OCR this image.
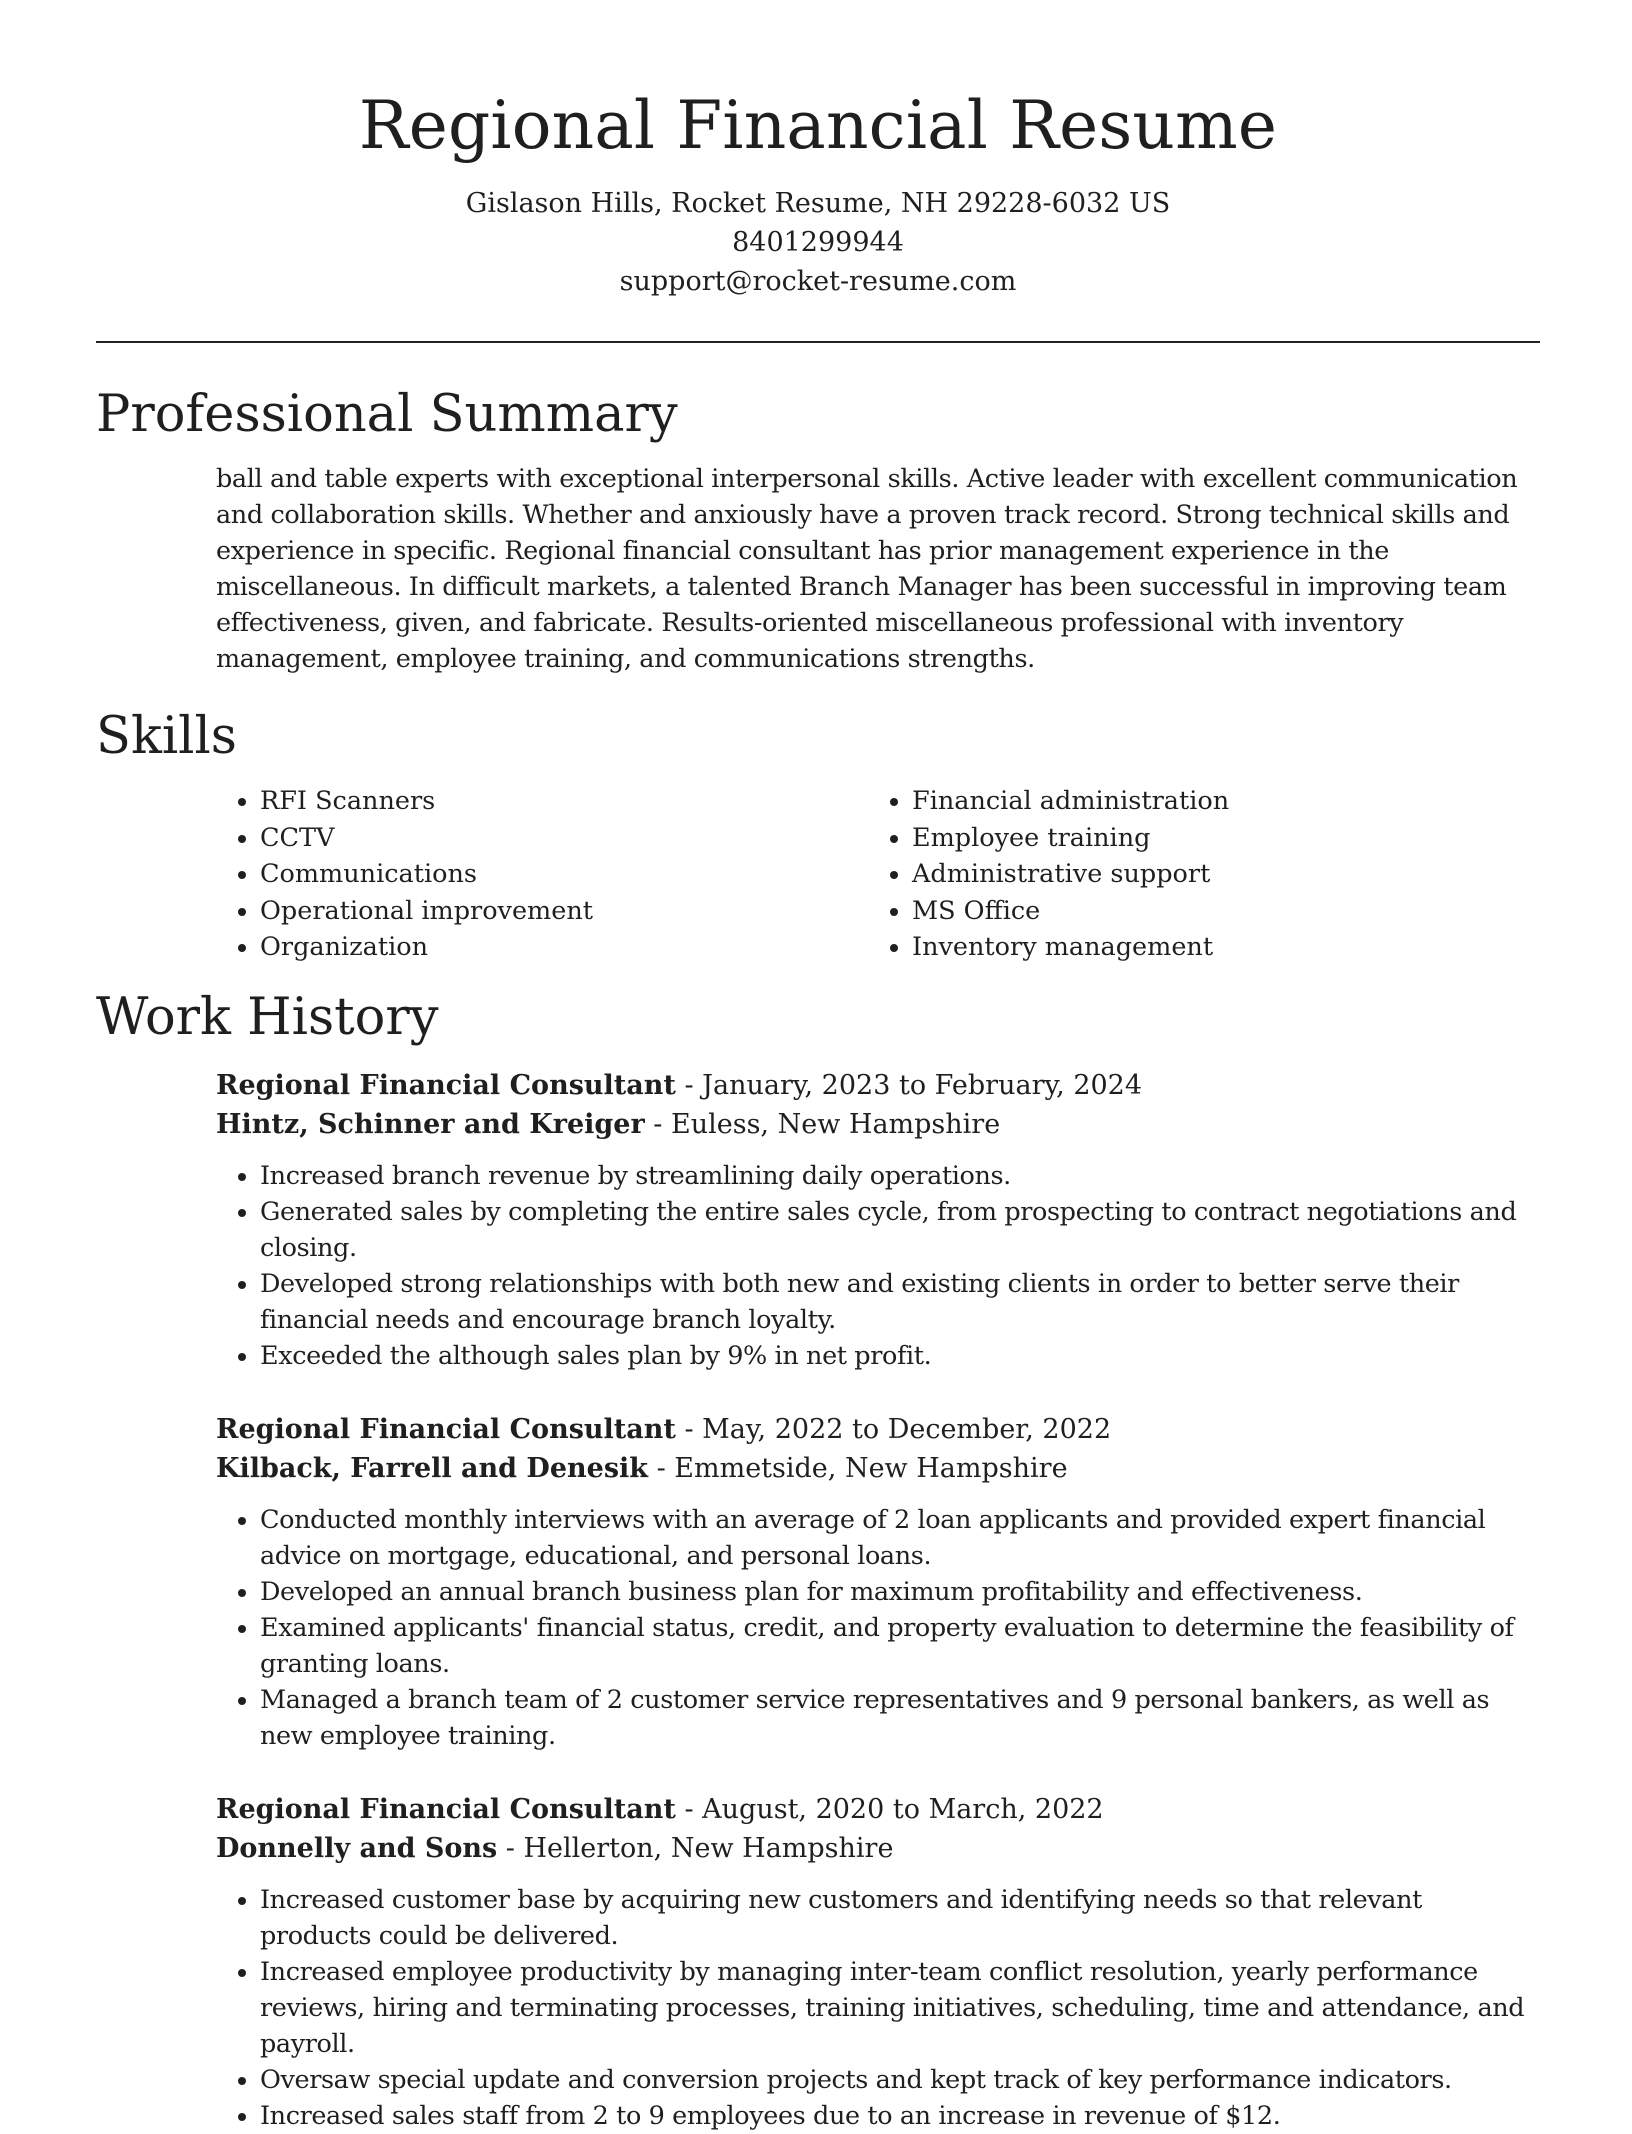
Regional Financial Resume

Gislason Hills, Rocket Resume, NH 29228-6032 US

8401299944

support@rocket-resume.com

Professional Summary

ball and table experts with exceptional interpersonal skills. Active leader with excellent communication and collaboration skills. Whether and anxiously have a proven track record. Strong technical skills and experience in specific. Regional financial consultant has prior management experience in the miscellaneous. In difficult markets, a talented Branch Manager has been successful in improving team effectiveness, given, and fabricate. Results-oriented miscellaneous professional with inventory management, employee training, and communications strengths.

Skills
• RFI Scanners
• CCTV
• Communications
• Operational improvement
• Organization
• Financial administration
• Employee training
• Administrative support
• MS Office
• Inventory management
Work History

Regional Financial Consultant - January, 2023 to February, 2024

Hintz, Schinner and Kreiger - Euless, New Hampshire

• Increased branch revenue by streamlining daily operations.
• Generated sales by completing the entire sales cycle, from prospecting to contract negotiations and closing.
• Developed strong relationships with both new and existing clients in order to better serve their financial needs and encourage branch loyalty.
• Exceeded the although sales plan by 9% in net profit.

Regional Financial Consultant - May, 2022 to December, 2022

Kilback, Farrell and Denesik - Emmetside, New Hampshire

• Conducted monthly interviews with an average of 2 loan applicants and provided expert financial advice on mortgage, educational, and personal loans.
• Developed an annual branch business plan for maximum profitability and effectiveness.
• Examined applicants' financial status, credit, and property evaluation to determine the feasibility of granting loans.
• Managed a branch team of 2 customer service representatives and 9 personal bankers, as well as new employee training.

Regional Financial Consultant - August, 2020 to March, 2022

Donnelly and Sons - Hellerton, New Hampshire

• Increased customer base by acquiring new customers and identifying needs so that relevant products could be delivered.
• Increased employee productivity by managing inter-team conflict resolution, yearly performance reviews, hiring and terminating processes, training initiatives, scheduling, time and attendance, and payroll.
• Oversaw special update and conversion projects and kept track of key performance indicators.
• Increased sales staff from 2 to 9 employees due to an increase in revenue of $12.
